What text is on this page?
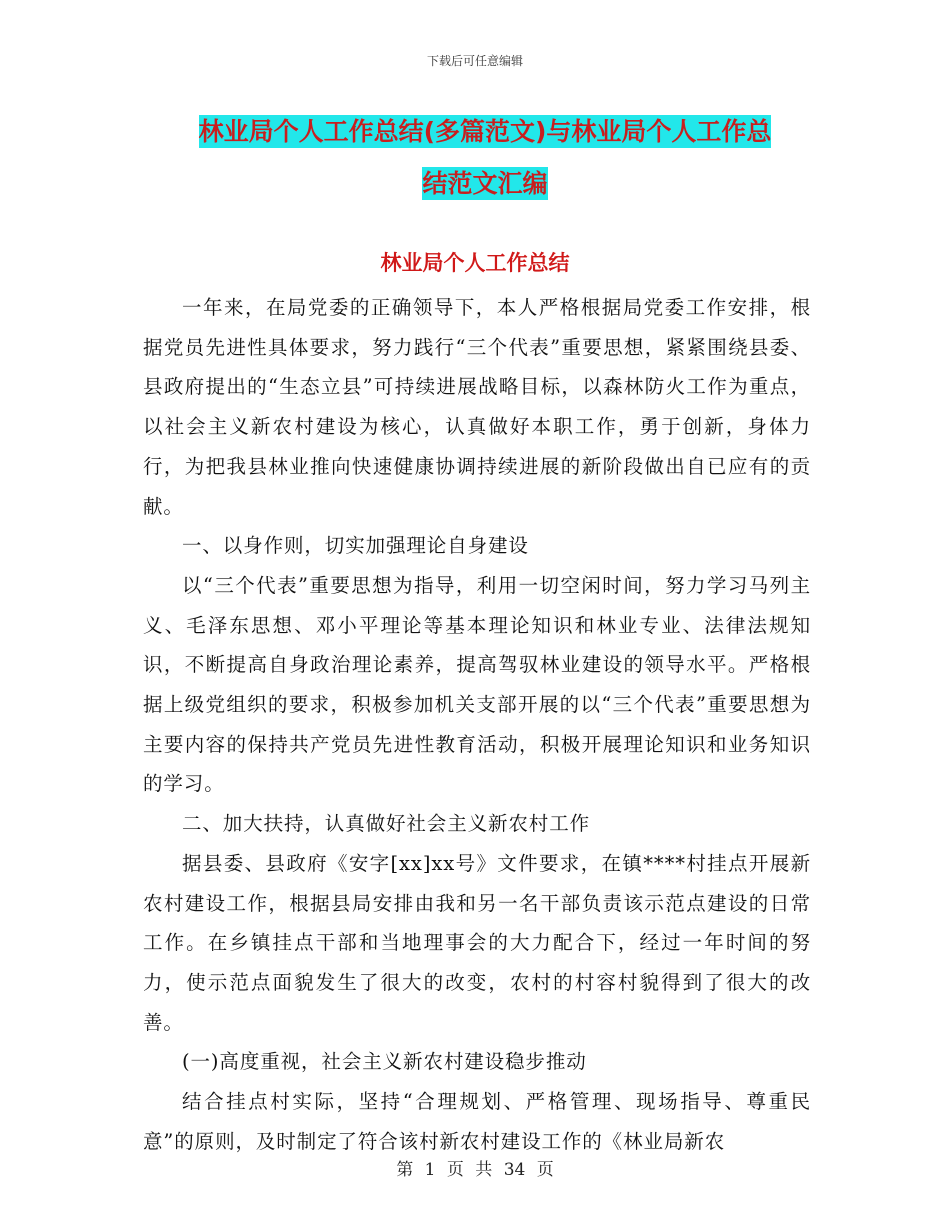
下载后可任意编辑
林业局个人工作总结(多篇范文)与林业局个人工作总
结范文汇编
林业局个人工作总结

一年来，在局党委的正确领导下，本人严格根据局党委工作安排，根据党员先进性具体要求，努力践行“三个代表”重要思想，紧紧围绕县委、县政府提出的“生态立县”可持续进展战略目标，以森林防火工作为重点，以社会主义新农村建设为核心，认真做好本职工作，勇于创新，身体力行，为把我县林业推向快速健康协调持续进展的新阶段做出自已应有的贡献。

一、以身作则，切实加强理论自身建设

以“三个代表”重要思想为指导，利用一切空闲时间，努力学习马列主义、毛泽东思想、邓小平理论等基本理论知识和林业专业、法律法规知识，不断提高自身政治理论素养，提高驾驭林业建设的领导水平。严格根据上级党组织的要求，积极参加机关支部开展的以“三个代表”重要思想为主要内容的保持共产党员先进性教育活动，积极开展理论知识和业务知识的学习。

二、加大扶持，认真做好社会主义新农村工作

据县委、县政府《安字[xx]xx号》文件要求，在镇****村挂点开展新农村建设工作，根据县局安排由我和另一名干部负责该示范点建设的日常工作。在乡镇挂点干部和当地理事会的大力配合下，经过一年时间的努力，使示范点面貌发生了很大的改变，农村的村容村貌得到了很大的改善。

(一)高度重视，社会主义新农村建设稳步推动

结合挂点村实际，坚持“合理规划、严格管理、现场指导、尊重民意”的原则，及时制定了符合该村新农村建设工作的《林业局新农

第 1 页 共 34 页
